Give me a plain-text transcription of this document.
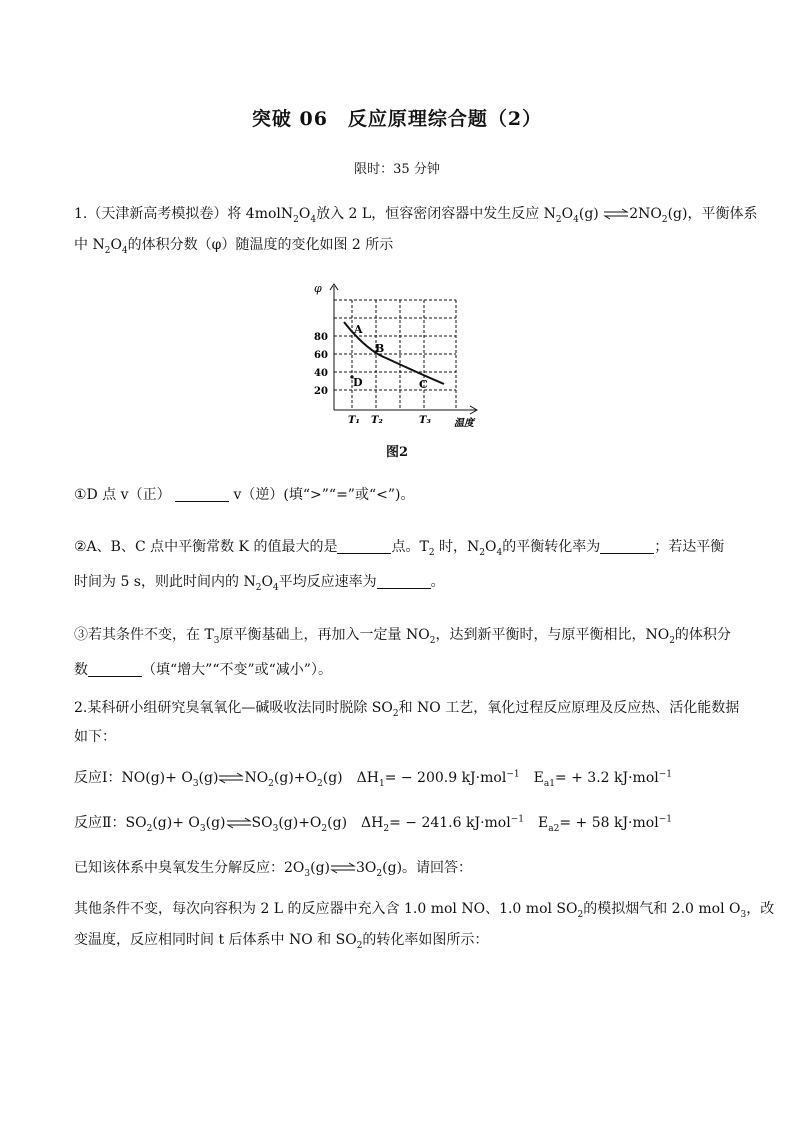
突破 06　反应原理综合题（2）
限时：35 分钟
1.（天津新高考模拟卷）将 $4molN_2O_4$放入 2 L，恒容密闭容器中发生反应 $N_2O_4(g)$ $\rightleftharpoons 2NO_2(g)$，平衡体系
中 $N_2O_4$的体积分数（φ）随温度的变化如图 2 所示
φ
80
60
40
20
T₁ T₂	T₃ 温度
A
B
C
D
图2
①D 点 v（正）	v（逆）(填“>”“=”或“<”)。
②A、B、C 点中平衡常数 K 的值最大的是	点。$T_2$ 时，$N_2O_4$的平衡转化率为	；若达平衡
时间为 5 s，则此时间内的 $N_2O_4$平均反应速率为	。
③若其条件不变，在 $T_3$原平衡基础上，再加入一定量 $NO_2$，达到新平衡时，与原平衡相比，$NO_2$的体积分
数	（填“增大”“不变”或“减小”）。
2.某科研小组研究臭氧氧化—碱吸收法同时脱除 $SO_2$和 NO 工艺，氧化过程反应原理及反应热、活化能数据
如下：
反应Ⅰ：$NO(g)+ O_3(g)\rightleftharpoons NO_2(g)+O_2(g)$　$\Delta H_1= - 200.9$ kJ·mol$^{-1}$　$E_{a1}= + 3.2$ kJ·mol$^{-1}$
反应Ⅱ：$SO_2(g)+$ $O_3(g)\rightleftharpoons SO_3(g)+O_2(g)$　$\Delta H_2= - 241.6$ kJ·mol$^{-1}$　$E_{a2}= + 58$ kJ·mol$^{-1}$
已知该体系中臭氧发生分解反应：$2O_3(g)\rightleftharpoons 3O_2(g)$。请回答：
其他条件不变，每次向容积为 2 L 的反应器中充入含 1.0 mol NO、1.0 mol $SO_2$的模拟烟气和 2.0 mol $O_3$，改
变温度，反应相同时间 t 后体系中 NO 和 $SO_2$的转化率如图所示：
